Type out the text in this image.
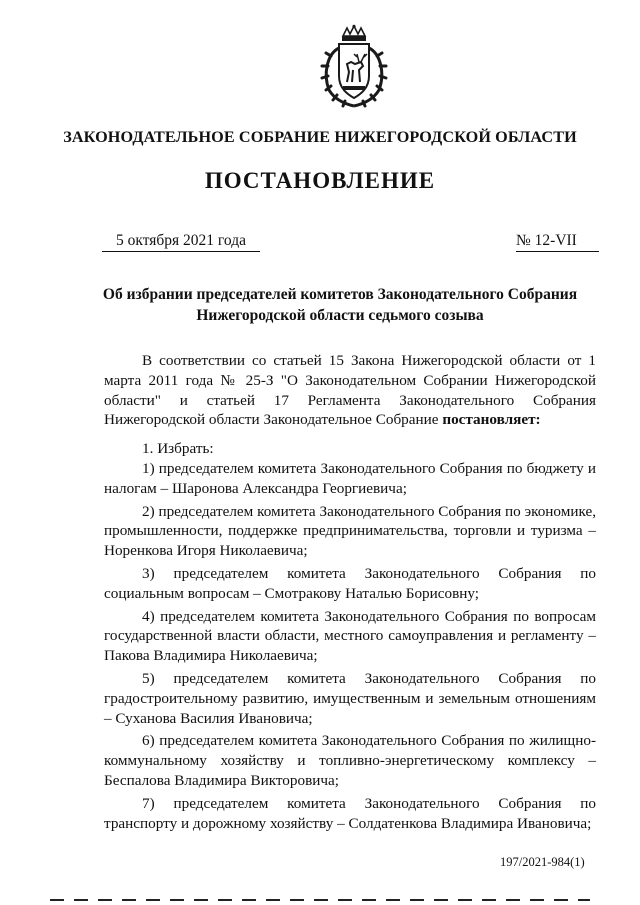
ЗАКОНОДАТЕЛЬНОЕ СОБРАНИЕ НИЖЕГОРОДСКОЙ ОБЛАСТИ
ПОСТАНОВЛЕНИЕ
5 октября 2021 года	№ 12-VII
Об избрании председателей комитетов Законодательного Собрания
Нижегородской области седьмого созыва

В соответствии со статьей 15 Закона Нижегородской области от 1 марта 2011 года № 25-З "О Законодательном Собрании Нижегородской области" и статьей 17 Регламента Законодательного Собрания Нижегородской области Законодательное Собрание постановляет:

1. Избрать:

1) председателем комитета Законодательного Собрания по бюджету и налогам – Шаронова Александра Георгиевича;

2) председателем комитета Законодательного Собрания по экономике, промышленности, поддержке предпринимательства, торговли и туризма – Норенкова Игоря Николаевича;

3) председателем комитета Законодательного Собрания по социальным вопросам – Смотракову Наталью Борисовну;

4) председателем комитета Законодательного Собрания по вопросам государственной власти области, местного самоуправления и регламенту – Пакова Владимира Николаевича;

5) председателем комитета Законодательного Собрания по градостроительному развитию, имущественным и земельным отношениям – Суханова Василия Ивановича;

6) председателем комитета Законодательного Собрания по жилищно-коммунальному хозяйству и топливно-энергетическому комплексу – Беспалова Владимира Викторовича;

7) председателем комитета Законодательного Собрания по транспорту и дорожному хозяйству – Солдатенкова Владимира Ивановича;

197/2021-984(1)
